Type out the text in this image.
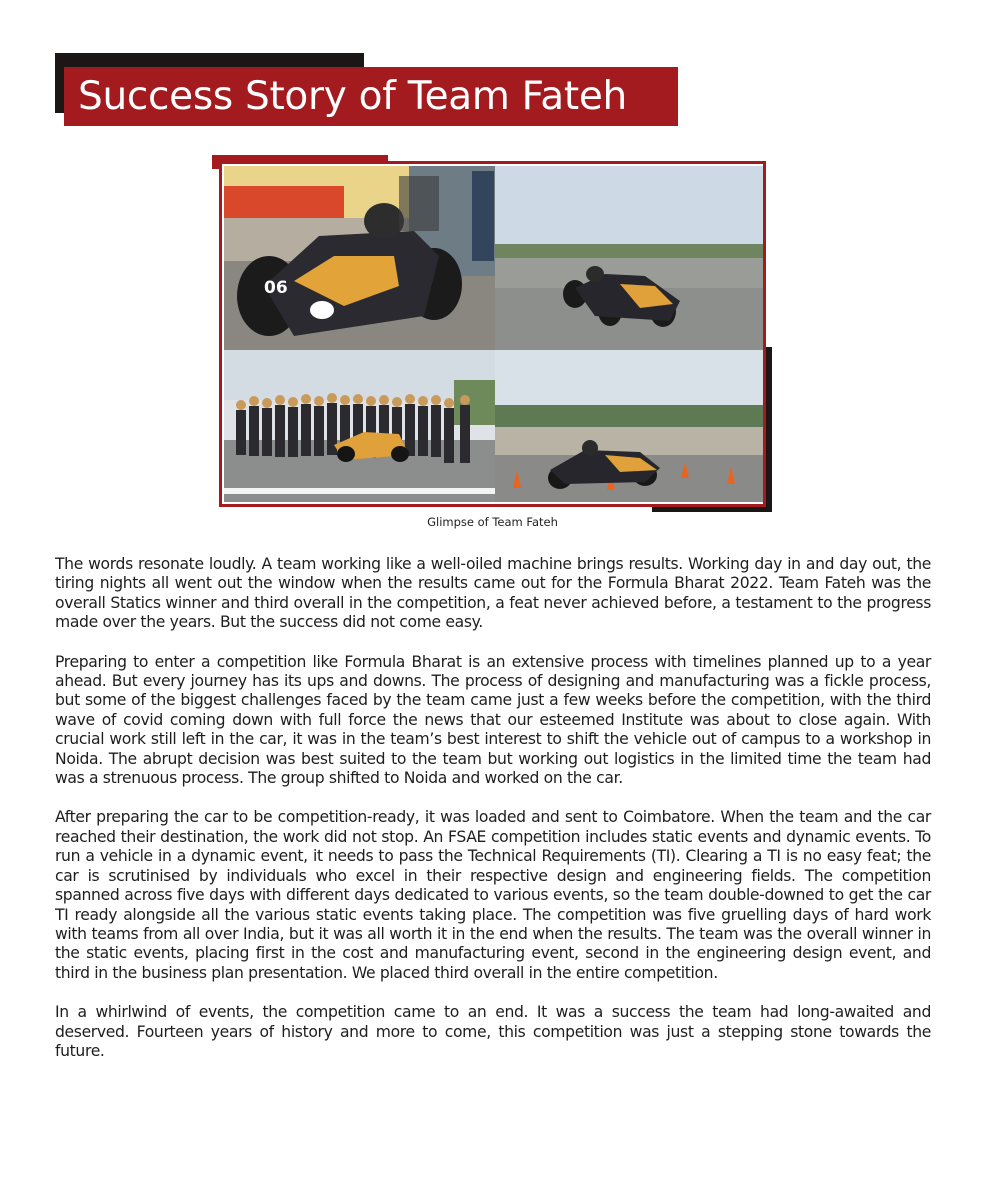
Success Story of Team Fateh
06
Glimpse of Team Fateh

The words resonate loudly. A team working like a well-oiled machine brings results. Working day in and day out, the tiring nights all went out the window when the results came out for the Formula Bharat 2022. Team Fateh was the overall Statics winner and third overall in the competition, a feat never achieved before, a testament to the progress made over the years. But the success did not come easy.

Preparing to enter a competition like Formula Bharat is an extensive process with timelines planned up to a year ahead. But every journey has its ups and downs. The process of designing and manufacturing was a fickle process, but some of the biggest challenges faced by the team came just a few weeks before the competition, with the third wave of covid coming down with full force the news that our esteemed Institute was about to close again. With crucial work still left in the car, it was in the team’s best interest to shift the vehicle out of campus to a workshop in Noida. The abrupt decision was best suited to the team but working out logistics in the limited time the team had was a strenuous process. The group shifted to Noida and worked on the car.

After preparing the car to be competition-ready, it was loaded and sent to Coimbatore. When the team and the car reached their destination, the work did not stop. An FSAE competition includes static events and dynamic events. To run a vehicle in a dynamic event, it needs to pass the Technical Requirements (TI). Clearing a TI is no easy feat; the car is scrutinised by individuals who excel in their respective design and engineering fields. The competition spanned across five days with different days dedicated to various events, so the team double-downed to get the car TI ready alongside all the various static events taking place. The competition was five gruelling days of hard work with teams from all over India, but it was all worth it in the end when the results. The team was the overall winner in the static events, placing first in the cost and manufacturing event, second in the engineering design event, and third in the business plan presentation. We placed third overall in the entire competition.

In a whirlwind of events, the competition came to an end. It was a success the team had long-awaited and deserved. Fourteen years of history and more to come, this competition was just a stepping stone towards the future.
